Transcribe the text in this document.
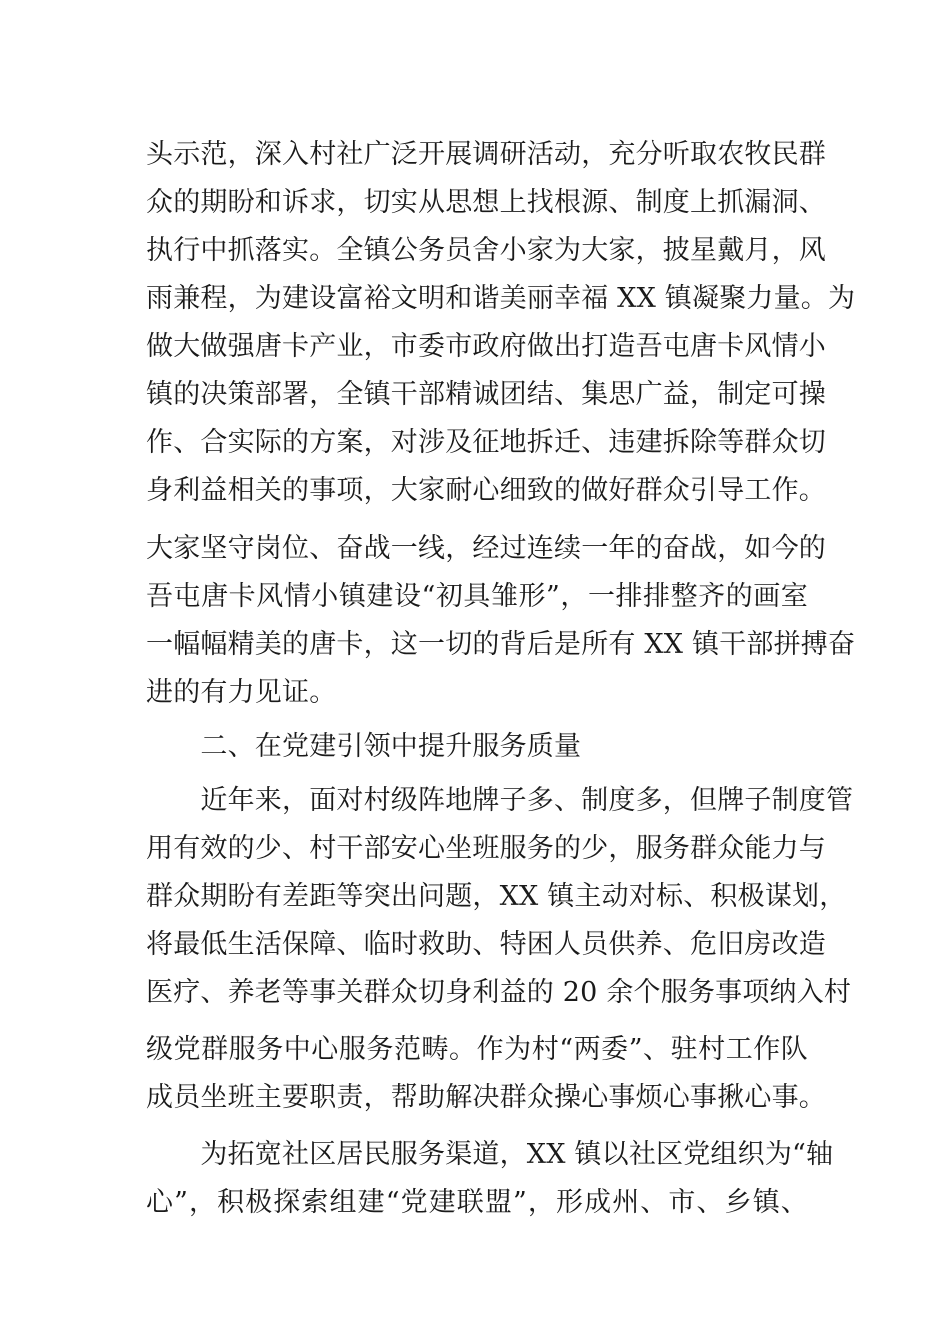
头示范，深入村社广泛开展调研活动，充分听取农牧民群
众的期盼和诉求，切实从思想上找根源、制度上抓漏洞、
执行中抓落实。全镇公务员舍小家为大家，披星戴月，风
雨兼程，为建设富裕文明和谐美丽幸福 XX 镇凝聚力量。为
做大做强唐卡产业，市委市政府做出打造吾屯唐卡风情小
镇的决策部署，全镇干部精诚团结、集思广益，制定可操
作、合实际的方案，对涉及征地拆迁、违建拆除等群众切
身利益相关的事项，大家耐心细致的做好群众引导工作。
大家坚守岗位、奋战一线，经过连续一年的奋战，如今的
吾屯唐卡风情小镇建设“初具雏形”，一排排整齐的画室
一幅幅精美的唐卡，这一切的背后是所有 XX 镇干部拼搏奋
进的有力见证。
　　二、在党建引领中提升服务质量
　　近年来，面对村级阵地牌子多、制度多，但牌子制度管
用有效的少、村干部安心坐班服务的少，服务群众能力与
群众期盼有差距等突出问题，XX 镇主动对标、积极谋划，
将最低生活保障、临时救助、特困人员供养、危旧房改造
医疗、养老等事关群众切身利益的 20 余个服务事项纳入村
级党群服务中心服务范畴。作为村“两委”、驻村工作队
成员坐班主要职责，帮助解决群众操心事烦心事揪心事。
　　为拓宽社区居民服务渠道，XX 镇以社区党组织为“轴
心”，积极探索组建“党建联盟”，形成州、市、乡镇、
